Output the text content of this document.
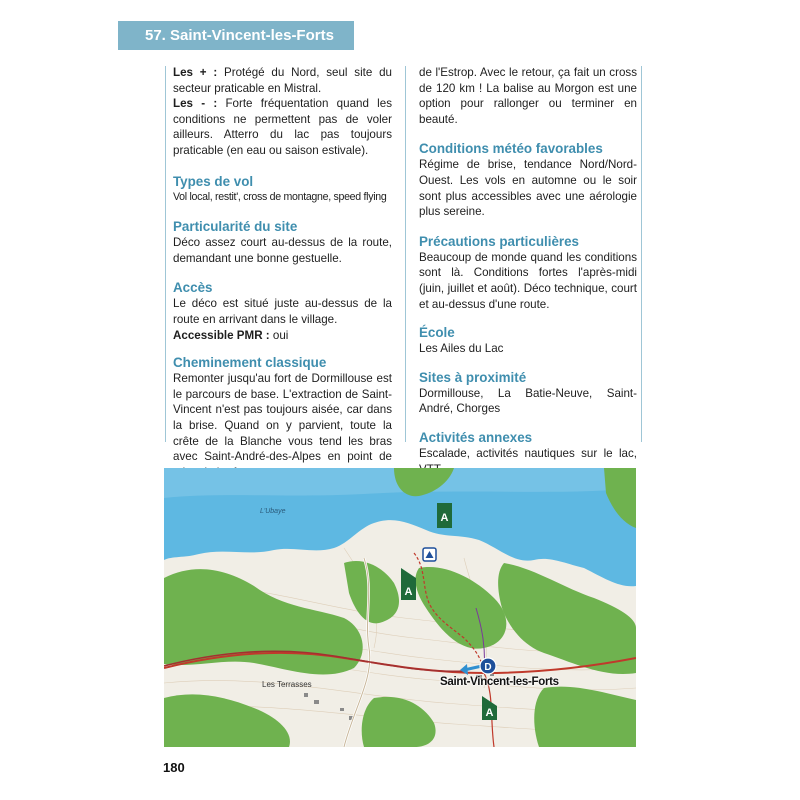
57. Saint-Vincent-les-Forts

Les + : Protégé du Nord, seul site du secteur praticable en Mistral.

Les - : Forte fréquentation quand les conditions ne permettent pas de voler ailleurs. Atterro du lac pas toujours praticable (en eau ou saison estivale).

Types de vol

Vol local, restit', cross de montagne, speed flying

Particularité du site

Déco assez court au-dessus de la route, demandant une bonne gestuelle.

Accès

Le déco est situé juste au-dessus de la route en arrivant dans le village.

Accessible PMR : oui

Cheminement classique

Remonter jusqu'au fort de Dormillouse est le parcours de base. L'extraction de Saint-Vincent n'est pas toujours aisée, car dans la brise. Quand on y parvient, toute la crête de la Blanche vous tend les bras avec Saint-André-des-Alpes en point de

de l'Estrop. Avec le retour, ça fait un cross de 120 km ! La balise au Morgon est une option pour rallonger ou terminer en beauté.

Conditions météo favorables

Régime de brise, tendance Nord/Nord-Ouest. Les vols en automne ou le soir sont plus accessibles avec une aérologie plus sereine.

Précautions particulières

Beaucoup de monde quand les conditions sont là. Conditions fortes l'après-midi (juin, juillet et août). Déco technique, court et au-dessus d'une route.

École

Les Ailes du Lac

Sites à proximité

Dormillouse, La Batie-Neuve, Saint-André, Chorges

Activités annexes

Escalade, activités nautiques sur le lac,

A
A
A
D
L'Ubaye
Saint-Vincent-les-Forts
Les Terrasses
180
